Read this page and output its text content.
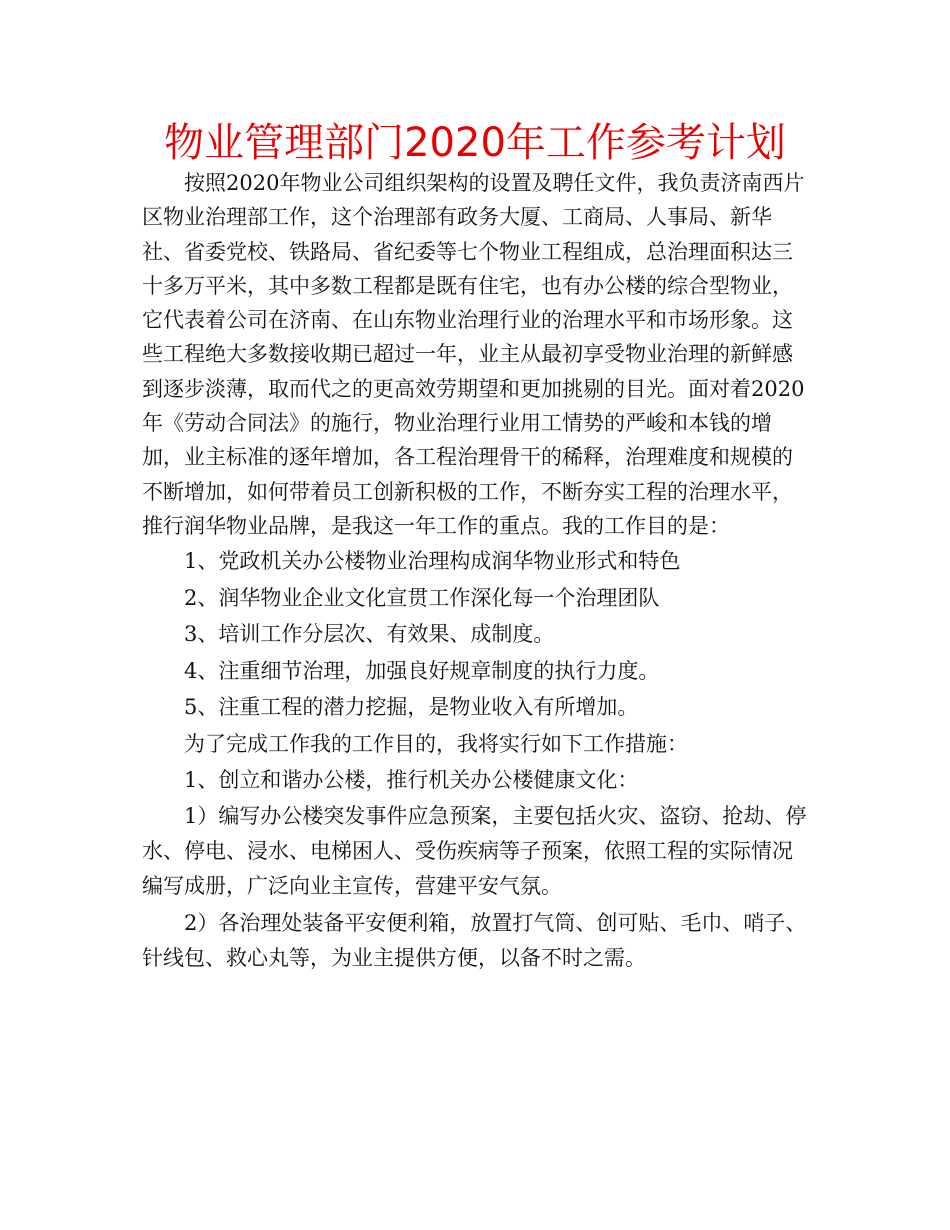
物业管理部门2020年工作参考计划

按照2020年物业公司组织架构的设置及聘任文件，我负责济南西片区物业治理部工作，这个治理部有政务大厦、工商局、人事局、新华社、省委党校、铁路局、省纪委等七个物业工程组成，总治理面积达三十多万平米，其中多数工程都是既有住宅，也有办公楼的综合型物业，它代表着公司在济南、在山东物业治理行业的治理水平和市场形象。这些工程绝大多数接收期已超过一年，业主从最初享受物业治理的新鲜感到逐步淡薄，取而代之的更高效劳期望和更加挑剔的目光。面对着2020年《劳动合同法》的施行，物业治理行业用工情势的严峻和本钱的增加，业主标准的逐年增加，各工程治理骨干的稀释，治理难度和规模的不断增加，如何带着员工创新积极的工作，不断夯实工程的治理水平，推行润华物业品牌，是我这一年工作的重点。我的工作目的是：

1、党政机关办公楼物业治理构成润华物业形式和特色

2、润华物业企业文化宣贯工作深化每一个治理团队

3、培训工作分层次、有效果、成制度。

4、注重细节治理，加强良好规章制度的执行力度。

5、注重工程的潜力挖掘，是物业收入有所增加。

为了完成工作我的工作目的，我将实行如下工作措施：

1、创立和谐办公楼，推行机关办公楼健康文化：

1）编写办公楼突发事件应急预案，主要包括火灾、盗窃、抢劫、停水、停电、浸水、电梯困人、受伤疾病等子预案，依照工程的实际情况编写成册，广泛向业主宣传，营建平安气氛。

2）各治理处装备平安便利箱，放置打气筒、创可贴、毛巾、哨子、针线包、救心丸等，为业主提供方便，以备不时之需。
